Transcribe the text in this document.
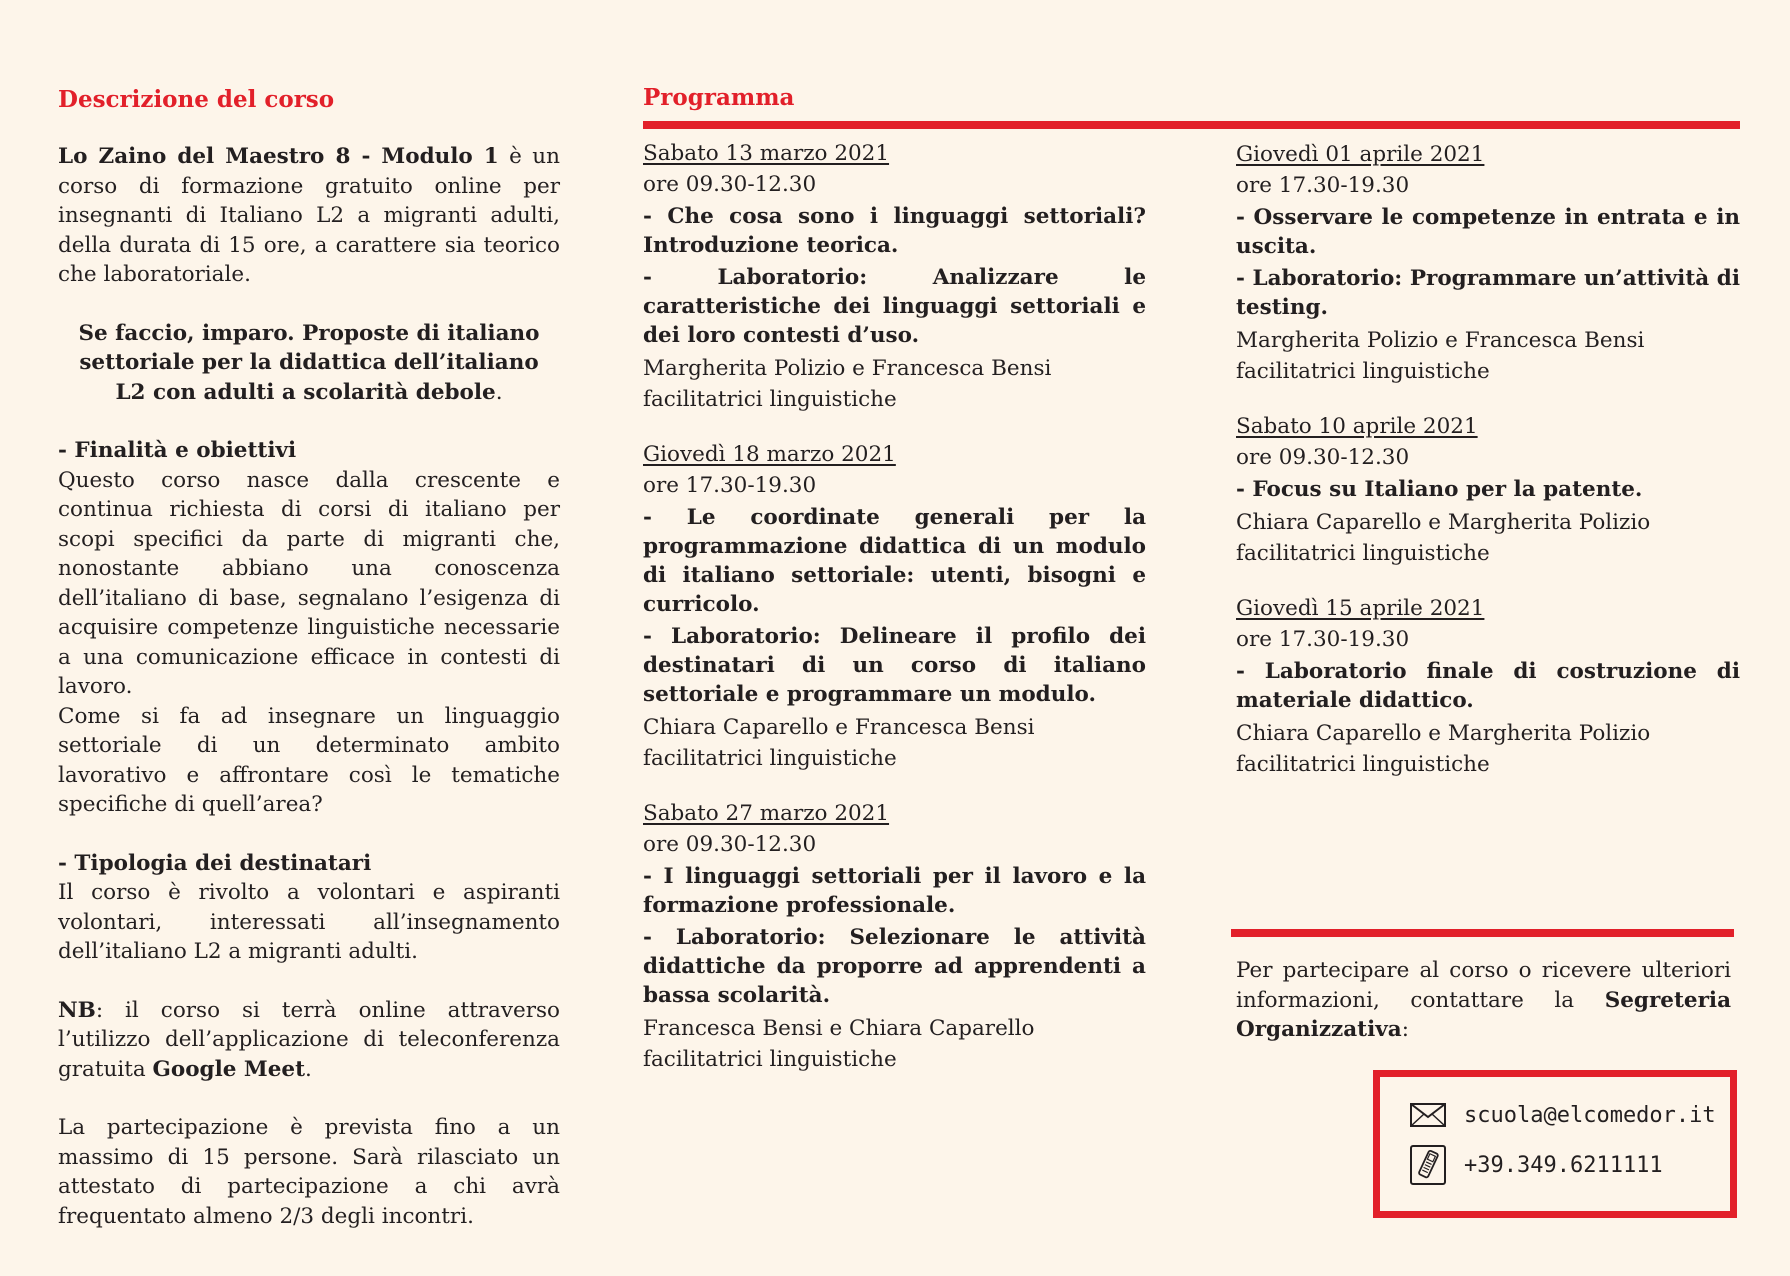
Descrizione del corso

Lo Zaino del Maestro 8 - Modulo 1 è un corso di formazione gratuito online per insegnanti di Italiano L2 a migranti adulti, della durata di 15 ore, a carattere sia teorico che laboratoriale.

Se faccio, imparo. Proposte di italiano settoriale per la didattica dell’italiano L2 con adulti a scolarità debole.

- Finalità e obiettivi

Questo corso nasce dalla crescente e continua richiesta di corsi di italiano per scopi specifici da parte di migranti che, nonostante abbiano una conoscenza dell’italiano di base, segnalano l’esigenza di acquisire competenze linguistiche necessarie a una comunicazione efficace in contesti di lavoro.

Come si fa ad insegnare un linguaggio settoriale di un determinato ambito lavorativo e affrontare così le tematiche specifiche di quell’area?

- Tipologia dei destinatari

Il corso è rivolto a volontari e aspiranti volontari, interessati all’insegnamento dell’italiano L2 a migranti adulti.

NB: il corso si terrà online attraverso l’utilizzo dell’applicazione di teleconferenza gratuita Google Meet.

La partecipazione è prevista fino a un massimo di 15 persone. Sarà rilasciato un attestato di partecipazione a chi avrà frequentato almeno 2/3 degli incontri.

Programma
Sabato 13 marzo 2021
ore 09.30-12.30
- Che cosa sono i linguaggi settoriali? Introduzione teorica.
- Laboratorio: Analizzare le caratteristiche dei linguaggi settoriali e dei loro contesti d’uso.
Margherita Polizio e Francesca Bensi
facilitatrici linguistiche
Giovedì 18 marzo 2021
ore 17.30-19.30
- Le coordinate generali per la programmazione didattica di un modulo di italiano settoriale: utenti, bisogni e curricolo.
- Laboratorio: Delineare il profilo dei destinatari di un corso di italiano settoriale e programmare un modulo.
Chiara Caparello e Francesca Bensi
facilitatrici linguistiche
Sabato 27 marzo 2021
ore 09.30-12.30
- I linguaggi settoriali per il lavoro e la formazione professionale.
- Laboratorio: Selezionare le attività didattiche da proporre ad apprendenti a bassa scolarità.
Francesca Bensi e Chiara Caparello
facilitatrici linguistiche
Giovedì 01 aprile 2021
ore 17.30-19.30
- Osservare le competenze in entrata e in uscita.
- Laboratorio: Programmare un’attività di testing.
Margherita Polizio e Francesca Bensi
facilitatrici linguistiche
Sabato 10 aprile 2021
ore 09.30-12.30
- Focus su Italiano per la patente.
Chiara Caparello e Margherita Polizio
facilitatrici linguistiche
Giovedì 15 aprile 2021
ore 17.30-19.30
- Laboratorio finale di costruzione di materiale didattico.
Chiara Caparello e Margherita Polizio
facilitatrici linguistiche

Per partecipare al corso o ricevere ulteriori informazioni, contattare la Segreteria Organizzativa:

scuola@elcomedor.it
+39.349.6211111
